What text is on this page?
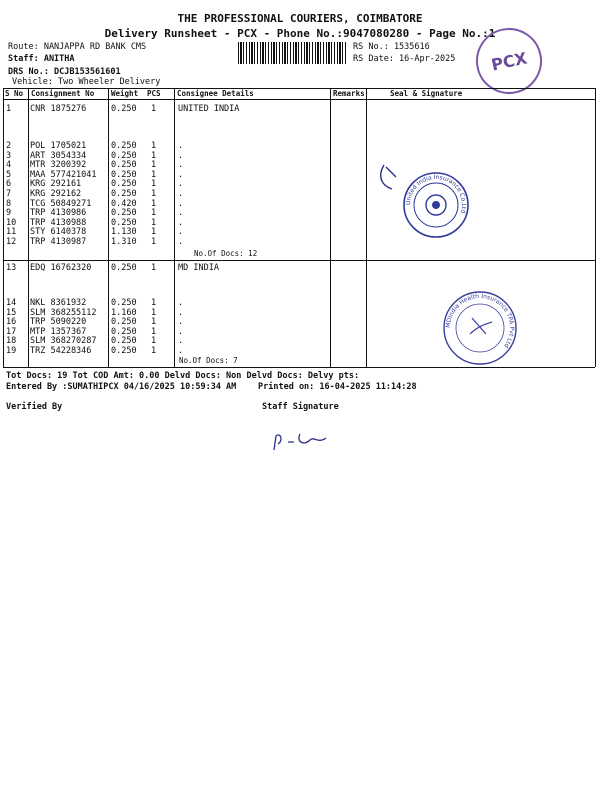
THE PROFESSIONAL COURIERS, COIMBATORE
Delivery Runsheet - PCX - Phone No.:9047080280 - Page No.:1
Route: NANJAPPA RD BANK CMS
Staff: ANITHA
DRS No.: DCJB153561601
Vehicle: Two Wheeler Delivery
RS No.: 1535616
RS Date: 16-Apr-2025 PCX
S No Consignment No Weight PCS Consignee Details	Remarks	Seal & Signature
1 CNR 1875276	0.250 1	UNITED INDIA
2 POL 1705021	0.250 1	.
3 ART 3054334	0.250 1	.
4 MTR 3200392	0.250 1	.
5 MAA 577421041 0.250 1	.
6 KRG 292161	0.250 1	.
7 KRG 292162	0.250 1	.
8 TCG 50849271 0.420 1	.
9 TRP 4130986	0.250 1	.
10 TRP 4130988	0.250 1	.
11 STY 6140378	1.130 1	.
12 TRP 4130987	1.310 1	.
No.Of Docs: 12
13 EDQ 16762320 0.250 1	MD INDIA
14 NKL 8361932	0.250 1	.
15 SLM 368255112 1.160 1	.
16 TRP 5090220	0.250 1	.
17 MTP 1357367	0.250 1	.
18 SLM 368270287 0.250 1	.
19 TRZ 54228346 0.250 1	.
No.Of Docs: 7
United India Insurance Co.Ltd.
MDIndia Health Insurance TPA Pvt Ltd
Tot Docs: 19 Tot COD Amt: 0.00 Delvd Docs: Non Delvd Docs: Delvy pts:
Entered By :SUMATHIPCX 04/16/2025 10:59:34 AM	Printed on: 16-04-2025 11:14:28
Verified By	Staff Signature
